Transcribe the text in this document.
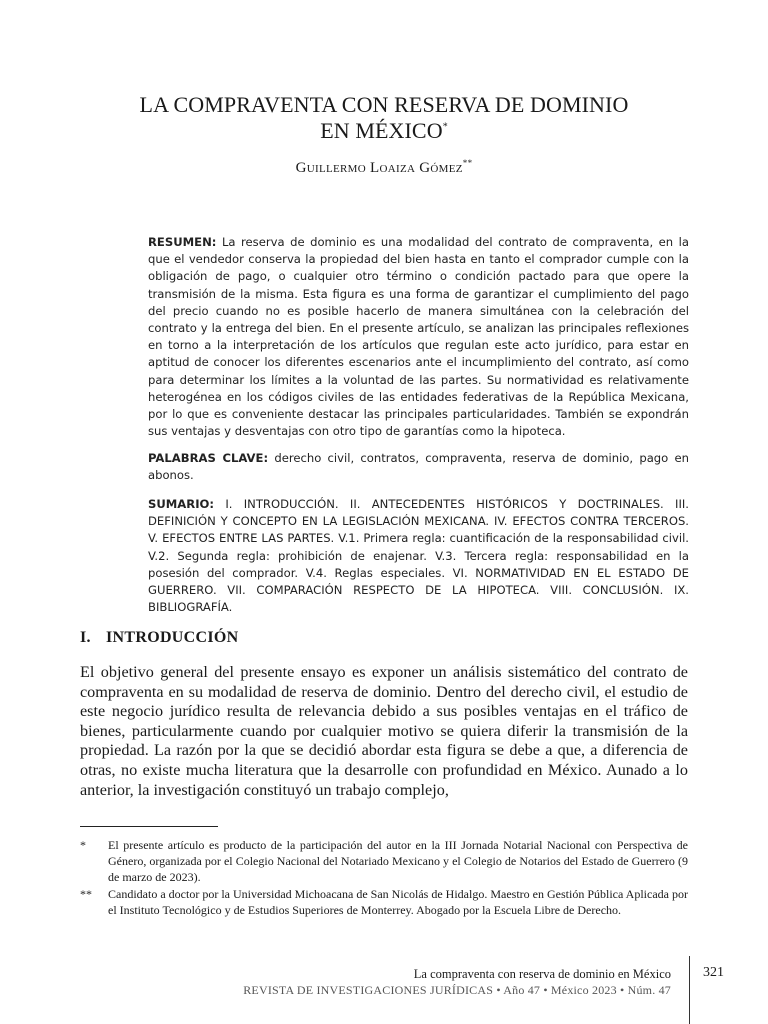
LA COMPRAVENTA CON RESERVA DE DOMINIO
EN MÉXICO*
Guillermo Loaiza Gómez**
RESUMEN: La reserva de dominio es una modalidad del contrato de compraventa, en la que el vendedor conserva la propiedad del bien hasta en tanto el comprador cumple con la obligación de pago, o cualquier otro término o condición pactado para que opere la transmisión de la misma. Esta figura es una forma de garantizar el cumplimiento del pago del precio cuando no es posible hacerlo de manera simultánea con la celebración del contrato y la entrega del bien. En el presente artículo, se analizan las principales reflexiones en torno a la interpretación de los artículos que regulan este acto jurídico, para estar en aptitud de conocer los diferentes escenarios ante el incumplimiento del contrato, así como para determinar los límites a la voluntad de las partes. Su normatividad es relativamente heterogénea en los códigos civiles de las entidades federativas de la República Mexicana, por lo que es conveniente destacar las principales particularidades. También se expondrán sus ventajas y desventajas con otro tipo de garantías como la hipoteca.
PALABRAS CLAVE: derecho civil, contratos, compraventa, reserva de dominio, pago en abonos.
SUMARIO: I. INTRODUCCIÓN. II. ANTECEDENTES HISTÓRICOS Y DOCTRINALES. III. DEFINICIÓN Y CONCEPTO EN LA LEGISLACIÓN MEXICANA. IV. EFECTOS CONTRA TERCEROS. V. EFECTOS ENTRE LAS PARTES. V.1. Primera regla: cuantificación de la responsabilidad civil. V.2. Segunda regla: prohibición de enajenar. V.3. Tercera regla: responsabilidad en la posesión del comprador. V.4. Reglas especiales. VI. NORMATIVIDAD EN EL ESTADO DE GUERRERO. VII. COMPARACIÓN RESPECTO DE LA HIPOTECA. VIII. CONCLUSIÓN. IX. BIBLIOGRAFÍA.
I. INTRODUCCIÓN
El objetivo general del presente ensayo es exponer un análisis sistemático del contrato de compraventa en su modalidad de reserva de dominio. Dentro del derecho civil, el estudio de este negocio jurídico resulta de relevancia debido a sus posibles ventajas en el tráfico de bienes, particularmente cuando por cualquier motivo se quiera diferir la transmisión de la propiedad. La razón por la que se decidió abordar esta figura se debe a que, a diferencia de otras, no existe mucha literatura que la desarrolle con profundidad en México. Aunado a lo anterior, la investigación constituyó un trabajo complejo,
*	El presente artículo es producto de la participación del autor en la III Jornada Notarial Nacional con Perspectiva de Género, organizada por el Colegio Nacional del Notariado Mexicano y el Colegio de Notarios del Estado de Guerrero (9 de marzo de 2023).
**	Candidato a doctor por la Universidad Michoacana de San Nicolás de Hidalgo. Maestro en Gestión Pública Aplicada por el Instituto Tecnológico y de Estudios Superiores de Monterrey. Abogado por la Escuela Libre de Derecho.
La compraventa con reserva de dominio en México
REVISTA DE INVESTIGACIONES JURÍDICAS • Año 47 • México 2023 • Núm. 47
321
